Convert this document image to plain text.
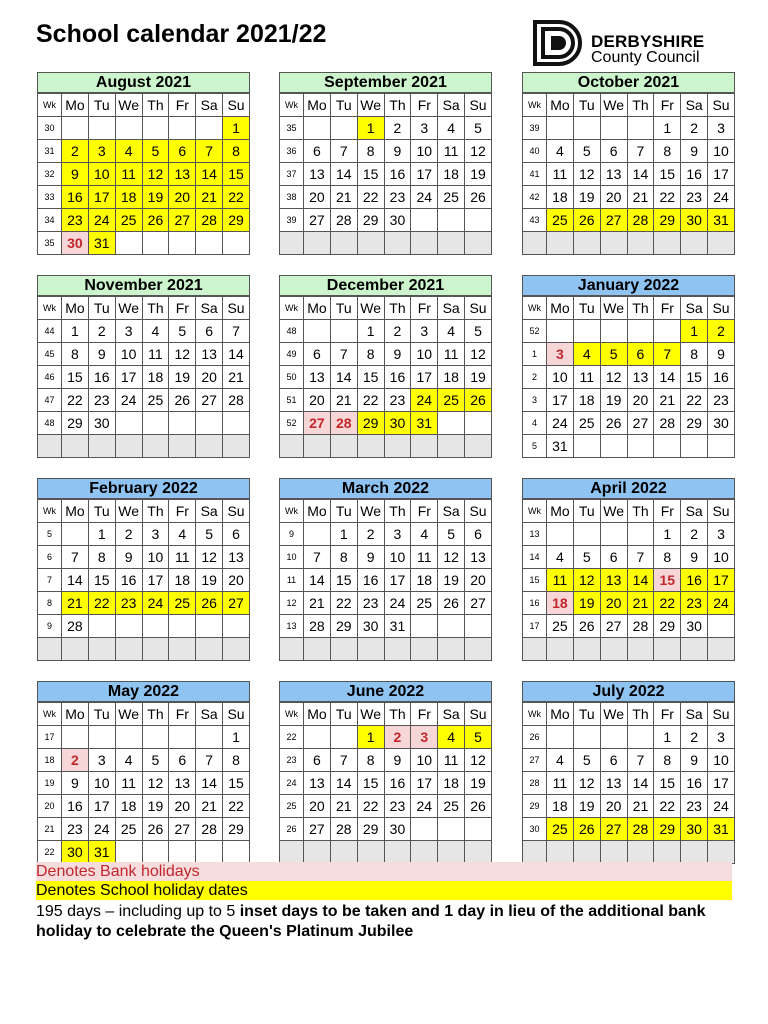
School calendar 2021/22	DERBYSHIRE
County Council
August 2021
Wk	Mo	Tu	We	Th	Fr	Sa	Su
30							1
31	2	3	4	5	6	7	8
32	9	10	11	12	13	14	15
33	16	17	18	19	20	21	22
34	23	24	25	26	27	28	29
35	30	31					
September 2021
Wk	Mo	Tu	We	Th	Fr	Sa	Su
35			1	2	3	4	5
36	6	7	8	9	10	11	12
37	13	14	15	16	17	18	19
38	20	21	22	23	24	25	26
39	27	28	29	30			

October 2021
Wk	Mo	Tu	We	Th	Fr	Sa	Su
39					1	2	3
40	4	5	6	7	8	9	10
41	11	12	13	14	15	16	17
42	18	19	20	21	22	23	24
43	25	26	27	28	29	30	31

November 2021
Wk	Mo	Tu	We	Th	Fr	Sa	Su
44	1	2	3	4	5	6	7
45	8	9	10	11	12	13	14
46	15	16	17	18	19	20	21
47	22	23	24	25	26	27	28
48	29	30					

December 2021
Wk	Mo	Tu	We	Th	Fr	Sa	Su
48			1	2	3	4	5
49	6	7	8	9	10	11	12
50	13	14	15	16	17	18	19
51	20	21	22	23	24	25	26
52	27	28	29	30	31		

January 2022
Wk	Mo	Tu	We	Th	Fr	Sa	Su
52						1	2
1	3	4	5	6	7	8	9
2	10	11	12	13	14	15	16
3	17	18	19	20	21	22	23
4	24	25	26	27	28	29	30
5	31						
February 2022
Wk	Mo	Tu	We	Th	Fr	Sa	Su
5		1	2	3	4	5	6
6	7	8	9	10	11	12	13
7	14	15	16	17	18	19	20
8	21	22	23	24	25	26	27
9	28						

March 2022
Wk	Mo	Tu	We	Th	Fr	Sa	Su
9		1	2	3	4	5	6
10	7	8	9	10	11	12	13
11	14	15	16	17	18	19	20
12	21	22	23	24	25	26	27
13	28	29	30	31			

April 2022
Wk	Mo	Tu	We	Th	Fr	Sa	Su
13					1	2	3
14	4	5	6	7	8	9	10
15	11	12	13	14	15	16	17
16	18	19	20	21	22	23	24
17	25	26	27	28	29	30	

May 2022
Wk	Mo	Tu	We	Th	Fr	Sa	Su
17							1
18	2	3	4	5	6	7	8
19	9	10	11	12	13	14	15
20	16	17	18	19	20	21	22
21	23	24	25	26	27	28	29
22	30	31					
June 2022
Wk	Mo	Tu	We	Th	Fr	Sa	Su
22			1	2	3	4	5
23	6	7	8	9	10	11	12
24	13	14	15	16	17	18	19
25	20	21	22	23	24	25	26
26	27	28	29	30			

July 2022
Wk	Mo	Tu	We	Th	Fr	Sa	Su
26					1	2	3
27	4	5	6	7	8	9	10
28	11	12	13	14	15	16	17
29	18	19	20	21	22	23	24
30	25	26	27	28	29	30	31

Denotes Bank holidays
Denotes School holiday dates
195 days – including up to 5 inset days to be taken and 1 day in lieu of the additional bank holiday to celebrate the Queen's Platinum Jubilee
